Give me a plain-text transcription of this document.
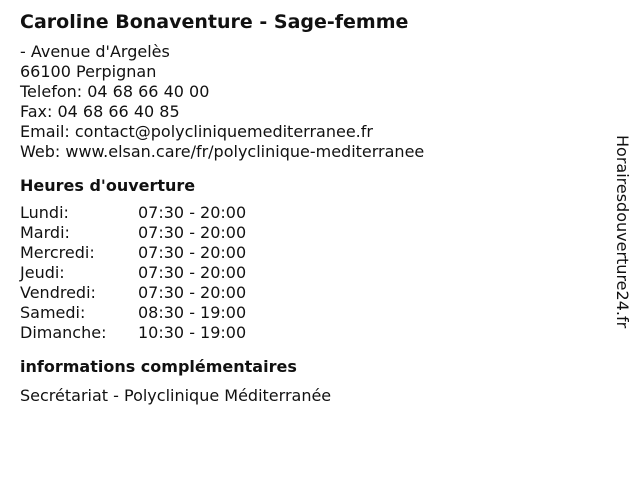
Caroline Bonaventure - Sage-femme
- Avenue d'Argelès
66100 Perpignan
Telefon: 04 68 66 40 00
Fax: 04 68 66 40 85
Email: contact@polycliniquemediterranee.fr
Web: www.elsan.care/fr/polyclinique-mediterranee
Heures d'ouverture
Lundi:	07:30 - 20:00
Mardi:	07:30 - 20:00
Mercredi:	07:30 - 20:00
Jeudi:	07:30 - 20:00
Vendredi:	07:30 - 20:00
Samedi:	08:30 - 19:00
Dimanche:	10:30 - 19:00
informations complémentaires
Secrétariat - Polyclinique Méditerranée
Horairesdouverture24.fr
